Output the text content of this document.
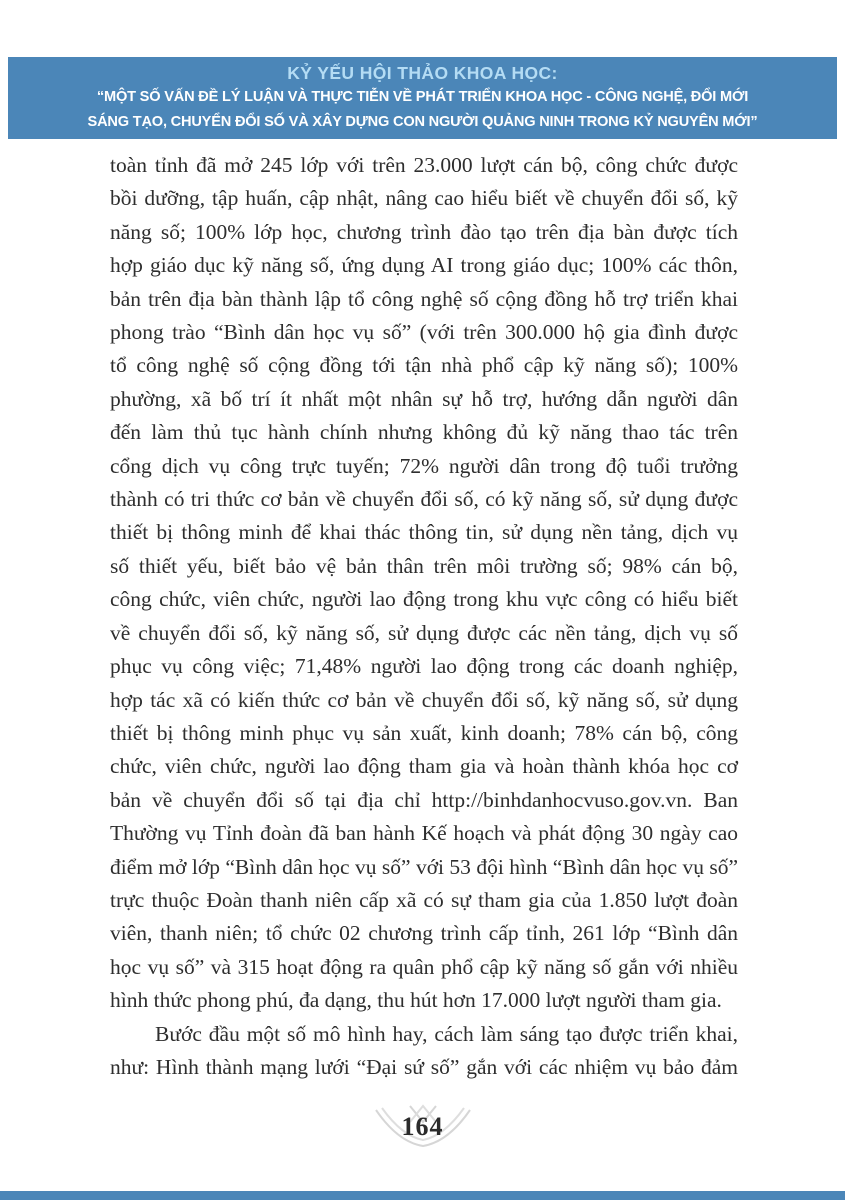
KỶ YẾU HỘI THẢO KHOA HỌC:
“MỘT SỐ VẤN ĐỀ LÝ LUẬN VÀ THỰC TIỄN VỀ PHÁT TRIỂN KHOA HỌC - CÔNG NGHỆ, ĐỔI MỚI
SÁNG TẠO, CHUYỂN ĐỔI SỐ VÀ XÂY DỰNG CON NGƯỜI QUẢNG NINH TRONG KỶ NGUYÊN MỚI”
toàn tỉnh đã mở 245 lớp với trên 23.000 lượt cán bộ, công chức được
bồi dưỡng, tập huấn, cập nhật, nâng cao hiểu biết về chuyển đổi số, kỹ
năng số; 100% lớp học, chương trình đào tạo trên địa bàn được tích
hợp giáo dục kỹ năng số, ứng dụng AI trong giáo dục; 100% các thôn,
bản trên địa bàn thành lập tổ công nghệ số cộng đồng hỗ trợ triển khai
phong trào “Bình dân học vụ số” (với trên 300.000 hộ gia đình được
tổ công nghệ số cộng đồng tới tận nhà phổ cập kỹ năng số); 100%
phường, xã bố trí ít nhất một nhân sự hỗ trợ, hướng dẫn người dân
đến làm thủ tục hành chính nhưng không đủ kỹ năng thao tác trên
cổng dịch vụ công trực tuyến; 72% người dân trong độ tuổi trưởng
thành có tri thức cơ bản về chuyển đổi số, có kỹ năng số, sử dụng được
thiết bị thông minh để khai thác thông tin, sử dụng nền tảng, dịch vụ
số thiết yếu, biết bảo vệ bản thân trên môi trường số; 98% cán bộ,
công chức, viên chức, người lao động trong khu vực công có hiểu biết
về chuyển đổi số, kỹ năng số, sử dụng được các nền tảng, dịch vụ số
phục vụ công việc; 71,48% người lao động trong các doanh nghiệp,
hợp tác xã có kiến thức cơ bản về chuyển đổi số, kỹ năng số, sử dụng
thiết bị thông minh phục vụ sản xuất, kinh doanh; 78% cán bộ, công
chức, viên chức, người lao động tham gia và hoàn thành khóa học cơ
bản về chuyển đổi số tại địa chỉ http://binhdanhocvuso.gov.vn. Ban
Thường vụ Tỉnh đoàn đã ban hành Kế hoạch và phát động 30 ngày cao
điểm mở lớp “Bình dân học vụ số” với 53 đội hình “Bình dân học vụ số”
trực thuộc Đoàn thanh niên cấp xã có sự tham gia của 1.850 lượt đoàn
viên, thanh niên; tổ chức 02 chương trình cấp tỉnh, 261 lớp “Bình dân
học vụ số” và 315 hoạt động ra quân phổ cập kỹ năng số gắn với nhiều
hình thức phong phú, đa dạng, thu hút hơn 17.000 lượt người tham gia.
Bước đầu một số mô hình hay, cách làm sáng tạo được triển khai,
như: Hình thành mạng lưới “Đại sứ số” gắn với các nhiệm vụ bảo đảm
164
